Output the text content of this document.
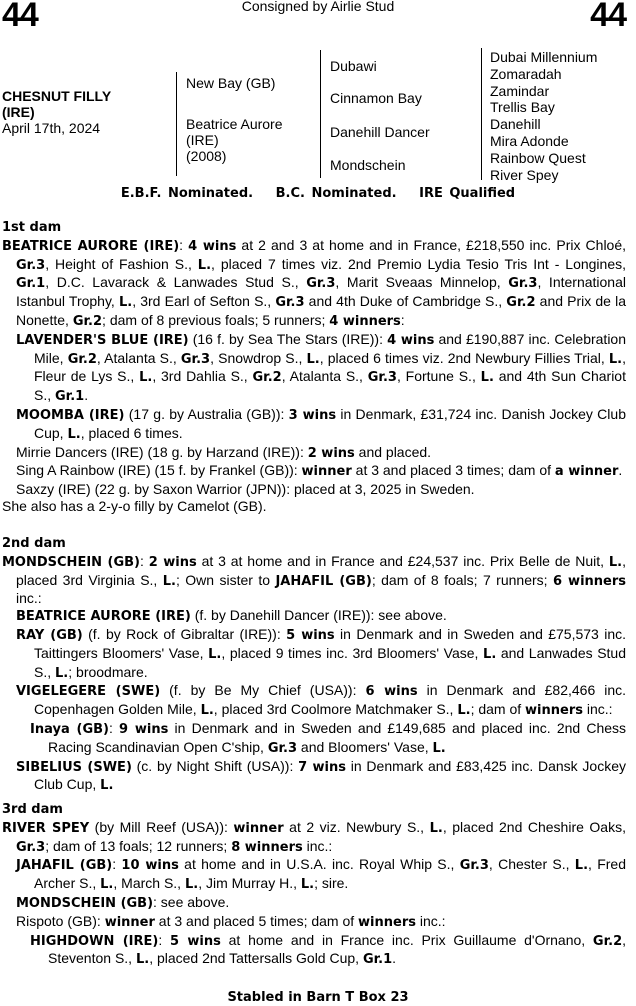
44	Consigned by Airlie Stud	44
CHESNUT FILLY
(IRE)
April 17th, 2024
New Bay (GB)
Beatrice Aurore
(IRE)
(2008)
Dubawi
Cinnamon Bay
Danehill Dancer
Mondschein
Dubai Millennium
Zomaradah
Zamindar
Trellis Bay
Danehill
Mira Adonde
Rainbow Quest
River Spey
E.B.F. Nominated. B.C. Nominated. IRE Qualified
1st dam
BEATRICE AURORE (IRE): 4 wins at 2 and 3 at home and in France, £218,550 inc. Prix Chloé, Gr.3, Height of Fashion S., L., placed 7 times viz. 2nd Premio Lydia Tesio Tris Int - Longines, Gr.1, D.C. Lavarack & Lanwades Stud S., Gr.3, Marit Sveaas Minnelop, Gr.3, International Istanbul Trophy, L., 3rd Earl of Sefton S., Gr.3 and 4th Duke of Cambridge S., Gr.2 and Prix de la Nonette, Gr.2; dam of 8 previous foals; 5 runners; 4 winners:
LAVENDER'S BLUE (IRE) (16 f. by Sea The Stars (IRE)): 4 wins and £190,887 inc. Celebration Mile, Gr.2, Atalanta S., Gr.3, Snowdrop S., L., placed 6 times viz. 2nd Newbury Fillies Trial, L., Fleur de Lys S., L., 3rd Dahlia S., Gr.2, Atalanta S., Gr.3, Fortune S., L. and 4th Sun Chariot S., Gr.1.
MOOMBA (IRE) (17 g. by Australia (GB)): 3 wins in Denmark, £31,724 inc. Danish Jockey Club Cup, L., placed 6 times.
Mirrie Dancers (IRE) (18 g. by Harzand (IRE)): 2 wins and placed.
Sing A Rainbow (IRE) (15 f. by Frankel (GB)): winner at 3 and placed 3 times; dam of a winner.
Saxzy (IRE) (22 g. by Saxon Warrior (JPN)): placed at 3, 2025 in Sweden.
She also has a 2-y-o filly by Camelot (GB).
2nd dam
MONDSCHEIN (GB): 2 wins at 3 at home and in France and £24,537 inc. Prix Belle de Nuit, L., placed 3rd Virginia S., L.; Own sister to JAHAFIL (GB); dam of 8 foals; 7 runners; 6 winners inc.:
BEATRICE AURORE (IRE) (f. by Danehill Dancer (IRE)): see above.
RAY (GB) (f. by Rock of Gibraltar (IRE)): 5 wins in Denmark and in Sweden and £75,573 inc. Taittingers Bloomers' Vase, L., placed 9 times inc. 3rd Bloomers' Vase, L. and Lanwades Stud S., L.; broodmare.
VIGELEGERE (SWE) (f. by Be My Chief (USA)): 6 wins in Denmark and £82,466 inc. Copenhagen Golden Mile, L., placed 3rd Coolmore Matchmaker S., L.; dam of winners inc.:
Inaya (GB): 9 wins in Denmark and in Sweden and £149,685 and placed inc. 2nd Chess Racing Scandinavian Open C'ship, Gr.3 and Bloomers' Vase, L.
SIBELIUS (SWE) (c. by Night Shift (USA)): 7 wins in Denmark and £83,425 inc. Dansk Jockey Club Cup, L.
3rd dam
RIVER SPEY (by Mill Reef (USA)): winner at 2 viz. Newbury S., L., placed 2nd Cheshire Oaks, Gr.3; dam of 13 foals; 12 runners; 8 winners inc.:
JAHAFIL (GB): 10 wins at home and in U.S.A. inc. Royal Whip S., Gr.3, Chester S., L., Fred Archer S., L., March S., L., Jim Murray H., L.; sire.
MONDSCHEIN (GB): see above.
Rispoto (GB): winner at 3 and placed 5 times; dam of winners inc.:
HIGHDOWN (IRE): 5 wins at home and in France inc. Prix Guillaume d'Ornano, Gr.2, Steventon S., L., placed 2nd Tattersalls Gold Cup, Gr.1.
Stabled in Barn T Box 23
